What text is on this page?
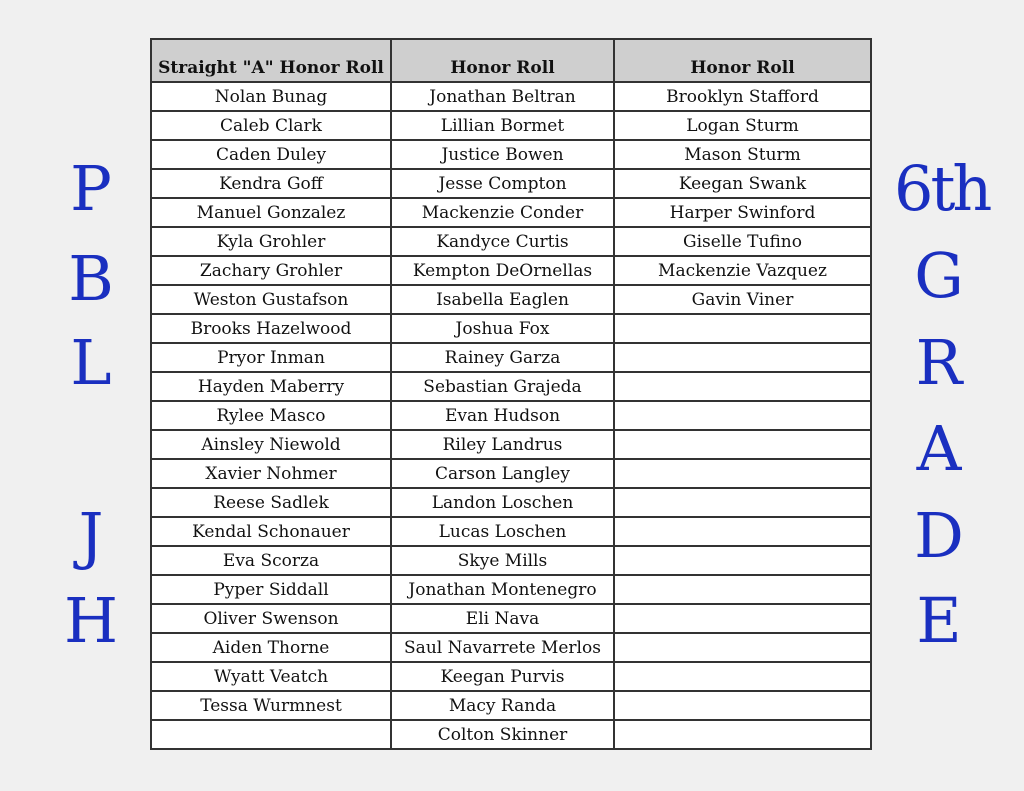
P
B
L
J
H
6th
G
R
A
D
E
Straight "A" Honor Roll	Honor Roll	Honor Roll
Nolan Bunag	Jonathan Beltran	Brooklyn Stafford
Caleb Clark	Lillian Bormet	Logan Sturm
Caden Duley	Justice Bowen	Mason Sturm
Kendra Goff	Jesse Compton	Keegan Swank
Manuel Gonzalez	Mackenzie Conder	Harper Swinford
Kyla Grohler	Kandyce Curtis	Giselle Tufino
Zachary Grohler	Kempton DeOrnellas	Mackenzie Vazquez
Weston Gustafson	Isabella Eaglen	Gavin Viner
Brooks Hazelwood	Joshua Fox	
Pryor Inman	Rainey Garza	
Hayden Maberry	Sebastian Grajeda	
Rylee Masco	Evan Hudson	
Ainsley Niewold	Riley Landrus	
Xavier Nohmer	Carson Langley	
Reese Sadlek	Landon Loschen	
Kendal Schonauer	Lucas Loschen	
Eva Scorza	Skye Mills	
Pyper Siddall	Jonathan Montenegro	
Oliver Swenson	Eli Nava	
Aiden Thorne	Saul Navarrete Merlos	
Wyatt Veatch	Keegan Purvis	
Tessa Wurmnest	Macy Randa	
	Colton Skinner	
